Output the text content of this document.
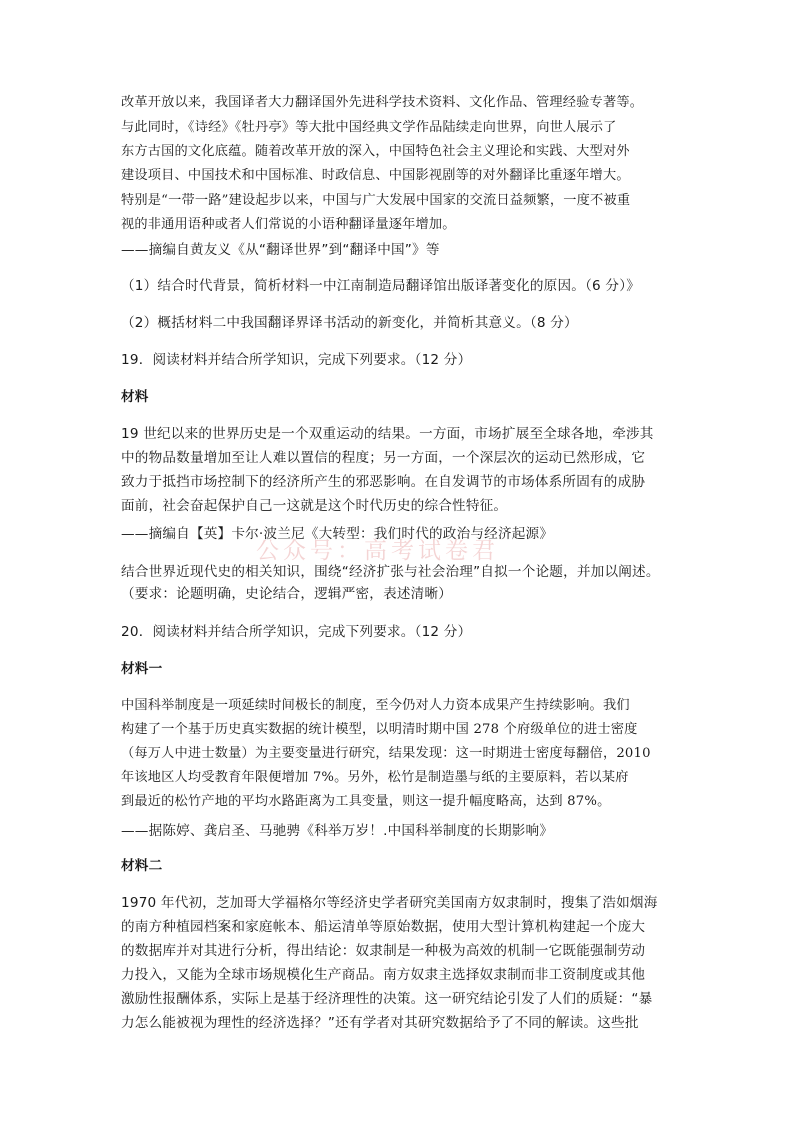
改革开放以来，我国译者大力翻译国外先进科学技术资料、文化作品、管理经验专著等。
与此同时，《诗经》《牡丹亭》等大批中国经典文学作品陆续走向世界，向世人展示了
东方古国的文化底蕴。随着改革开放的深入，中国特色社会主义理论和实践、大型对外
建设项目、中国技术和中国标准、时政信息、中国影视剧等的对外翻译比重逐年增大。
特别是“一带一路”建设起步以来，中国与广大发展中国家的交流日益频繁，一度不被重
视的非通用语种或者人们常说的小语种翻译量逐年增加。
——摘编自黄友义《从“翻译世界”到“翻译中国”》等
（1）结合时代背景，简析材料一中江南制造局翻译馆出版译著变化的原因。（6 分）》
（2）概括材料二中我国翻译界译书活动的新变化，并简析其意义。（8 分）
19．阅读材料并结合所学知识，完成下列要求。（12 分）
材料
19 世纪以来的世界历史是一个双重运动的结果。一方面，市场扩展至全球各地，牵涉其
中的物品数量增加至让人难以置信的程度；另一方面，一个深层次的运动已然形成，它
致力于抵挡市场控制下的经济所产生的邪恶影响。在自发调节的市场体系所固有的成胁
面前，社会奋起保护自己一这就是这个时代历史的综合性特征。
——摘编自【英】卡尔·波兰尼《大转型：我们时代的政治与经济起源》
公众号：高考试卷君
结合世界近现代史的相关知识，围绕“经济扩张与社会治理”自拟一个论题，并加以阐述。
（要求：论题明确，史论结合，逻辑严密，表述清晰）
20．阅读材料并结合所学知识，完成下列要求。（12 分）
材料一
中国科举制度是一项延续时间极长的制度，至今仍对人力资本成果产生持续影响。我们
构建了一个基于历史真实数据的统计模型，以明清时期中国 278 个府级单位的进士密度
（每万人中进士数量）为主要变量进行研究，结果发现：这一时期进士密度每翻倍，2010
年该地区人均受教育年限便增加 7%。另外，松竹是制造墨与纸的主要原料，若以某府
到最近的松竹产地的平均水路距离为工具变量，则这一提升幅度略高，达到 87%。
——据陈婷、龚启圣、马驰骋《科举万岁！.中国科举制度的长期影响》
材料二
1970 年代初，芝加哥大学福格尔等经济史学者研究美国南方奴隶制时，搜集了浩如烟海
的南方种植园档案和家庭帐本、船运清单等原始数据，使用大型计算机构建起一个庞大
的数据库并对其进行分析，得出结论：奴隶制是一种极为高效的机制一它既能强制劳动
力投入，又能为全球市场规模化生产商品。南方奴隶主选择奴隶制而非工资制度或其他
激励性报酬体系，实际上是基于经济理性的决策。这一研究结论引发了人们的质疑：“暴
力怎么能被视为理性的经济选择？”还有学者对其研究数据给予了不同的解读。这些批
